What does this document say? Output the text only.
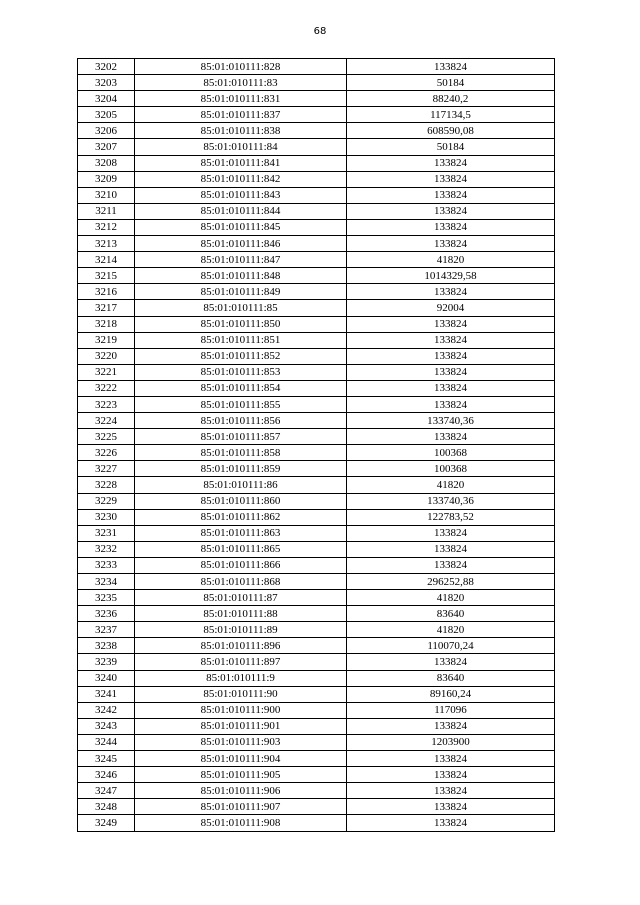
68
3202	85:01:010111:828	133824
3203	85:01:010111:83	50184
3204	85:01:010111:831	88240,2
3205	85:01:010111:837	117134,5
3206	85:01:010111:838	608590,08
3207	85:01:010111:84	50184
3208	85:01:010111:841	133824
3209	85:01:010111:842	133824
3210	85:01:010111:843	133824
3211	85:01:010111:844	133824
3212	85:01:010111:845	133824
3213	85:01:010111:846	133824
3214	85:01:010111:847	41820
3215	85:01:010111:848	1014329,58
3216	85:01:010111:849	133824
3217	85:01:010111:85	92004
3218	85:01:010111:850	133824
3219	85:01:010111:851	133824
3220	85:01:010111:852	133824
3221	85:01:010111:853	133824
3222	85:01:010111:854	133824
3223	85:01:010111:855	133824
3224	85:01:010111:856	133740,36
3225	85:01:010111:857	133824
3226	85:01:010111:858	100368
3227	85:01:010111:859	100368
3228	85:01:010111:86	41820
3229	85:01:010111:860	133740,36
3230	85:01:010111:862	122783,52
3231	85:01:010111:863	133824
3232	85:01:010111:865	133824
3233	85:01:010111:866	133824
3234	85:01:010111:868	296252,88
3235	85:01:010111:87	41820
3236	85:01:010111:88	83640
3237	85:01:010111:89	41820
3238	85:01:010111:896	110070,24
3239	85:01:010111:897	133824
3240	85:01:010111:9	83640
3241	85:01:010111:90	89160,24
3242	85:01:010111:900	117096
3243	85:01:010111:901	133824
3244	85:01:010111:903	1203900
3245	85:01:010111:904	133824
3246	85:01:010111:905	133824
3247	85:01:010111:906	133824
3248	85:01:010111:907	133824
3249	85:01:010111:908	133824
